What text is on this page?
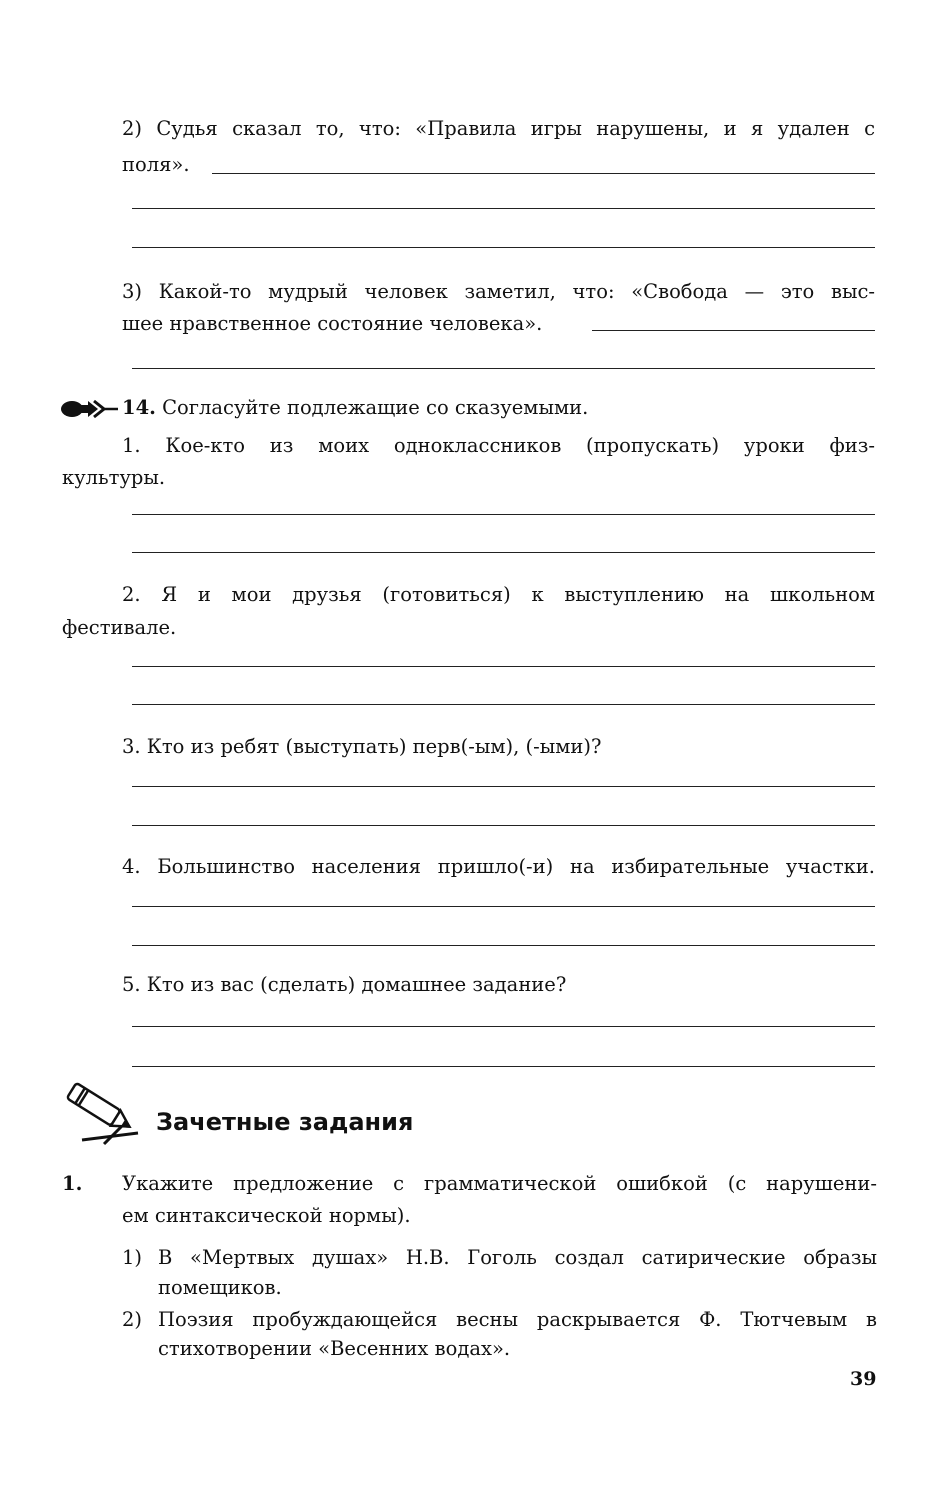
2) Судья сказал то, что: «Правила игры нарушены, и я удален с
поля».
3) Какой-то мудрый человек заметил, что: «Свобода — это выс-
шее нравственное состояние человека».
14. Согласуйте подлежащие со сказуемыми.
1. Кое-кто из моих одноклассников (пропускать) уроки физ-
культуры.
2. Я и мои друзья (готовиться) к выступлению на школьном
фестивале.
3. Кто из ребят (выступать) перв(-ым), (-ыми)?
4. Большинство населения пришло(-и) на избирательные участки.
5. Кто из вас (сделать) домашнее задание?
Зачетные задания
1. Укажите предложение с грамматической ошибкой (с нарушени-
ем синтаксической нормы).
1) В «Мертвых душах» Н.В. Гоголь создал сатирические образы
помещиков.
2) Поэзия пробуждающейся весны раскрывается Ф. Тютчевым в
стихотворении «Весенних водах».
39
